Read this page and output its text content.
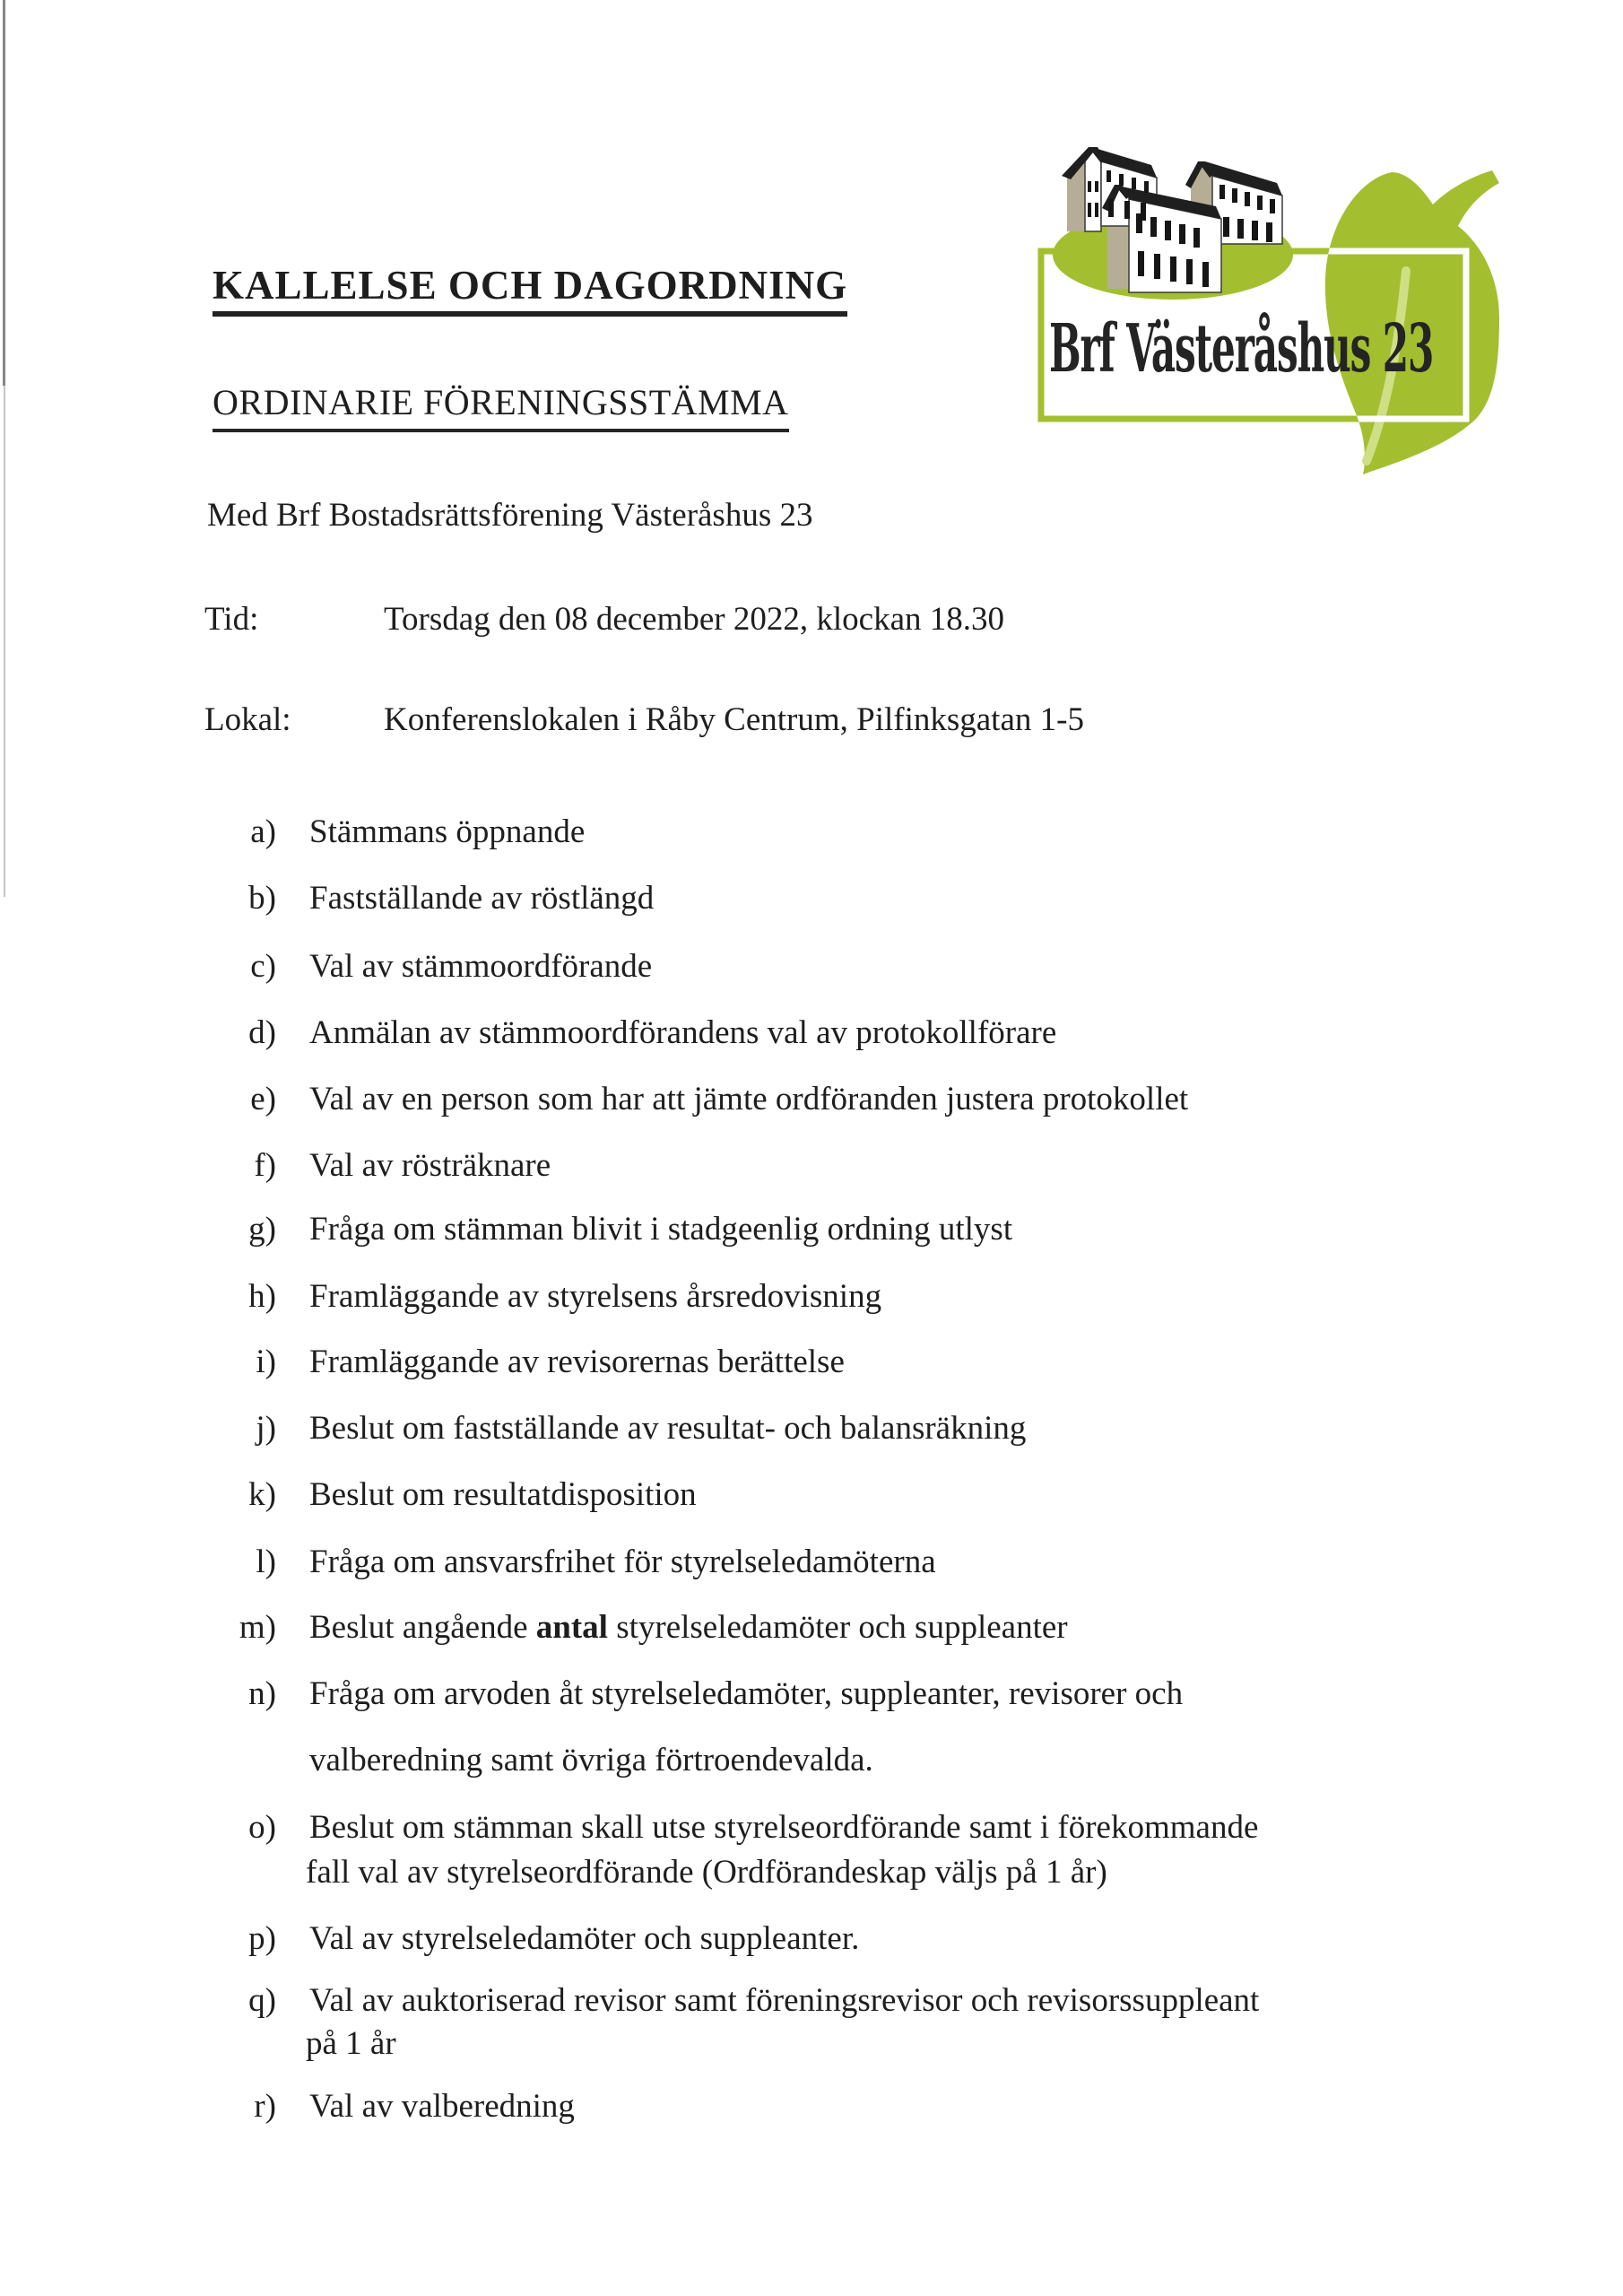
KALLELSE OCH DAGORDNING
ORDINARIE FÖRENINGSSTÄMMA
Med Brf Bostadsrättsförening Västeråshus 23
Tid:	Torsdag den 08 december 2022, klockan 18.30
Lokal:	Konferenslokalen i Råby Centrum, Pilfinksgatan 1-5
a) Stämmans öppnande
b) Fastställande av röstlängd
c) Val av stämmoordförande
d) Anmälan av stämmoordförandens val av protokollförare
e) Val av en person som har att jämte ordföranden justera protokollet
f) Val av rösträknare
g) Fråga om stämman blivit i stadgeenlig ordning utlyst
h) Framläggande av styrelsens årsredovisning
i) Framläggande av revisorernas berättelse
j) Beslut om fastställande av resultat- och balansräkning
k) Beslut om resultatdisposition
l) Fråga om ansvarsfrihet för styrelseledamöterna
m) Beslut angående antal styrelseledamöter och suppleanter
n) Fråga om arvoden åt styrelseledamöter, suppleanter, revisorer och
valberedning samt övriga förtroendevalda.
o) Beslut om stämman skall utse styrelseordförande samt i förekommande
fall val av styrelseordförande (Ordförandeskap väljs på 1 år)
p) Val av styrelseledamöter och suppleanter.
q) Val av auktoriserad revisor samt föreningsrevisor och revisorssuppleant
på 1 år
r) Val av valberedning
Brf Västeråshus 23
